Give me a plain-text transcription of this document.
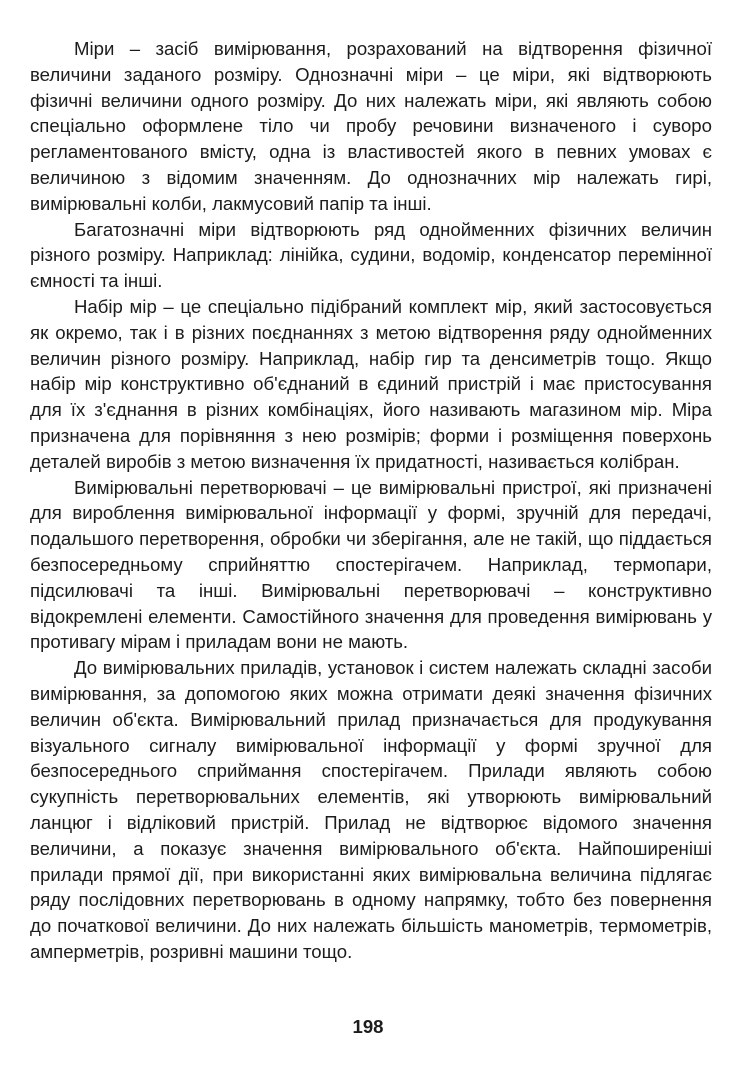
Міри – засіб вимірювання, розрахований на відтворення фізичної величини заданого розміру. Однозначні міри – це міри, які відтворюють фізичні величини одного розміру. До них належать міри, які являють собою спеціально оформлене тіло чи пробу речовини визначеного і суворо регламентованого вмісту, одна із властивостей якого в певних умовах є величиною з відомим значенням. До однозначних мір належать гирі, вимірювальні колби, лакмусовий папір та інші.

Багатозначні міри відтворюють ряд однойменних фізичних величин різного розміру. Наприклад: лінійка, судини, водомір, конденсатор перемінної ємності та інші.

Набір мір – це спеціально підібраний комплект мір, який застосовується як окремо, так і в різних поєднаннях з метою відтворення ряду однойменних величин різного розміру. Наприклад, набір гир та денсиметрів тощо. Якщо набір мір конструктивно об'єднаний в єдиний пристрій і має пристосування для їх з'єднання в різних комбінаціях, його називають магазином мір. Міра призначена для порівняння з нею розмірів; форми і розміщення поверхонь деталей виробів з метою визначення їх придатності, називається колібран.

Вимірювальні перетворювачі – це вимірювальні пристрої, які призначені для вироблення вимірювальної інформації у формі, зручній для передачі, подальшого перетворення, обробки чи зберігання, але не такій, що піддається безпосередньому сприйняттю спостерігачем. Наприклад, термопари, підсилювачі та інші. Вимірювальні перетворювачі – конструктивно відокремлені елементи. Самостійного значення для проведення вимірювань у противагу мірам і приладам вони не мають.

До вимірювальних приладів, установок і систем належать складні засоби вимірювання, за допомогою яких можна отримати деякі значення фізичних величин об'єкта. Вимірювальний прилад призначається для продукування візуального сигналу вимірювальної інформації у формі зручної для безпосереднього сприймання спостерігачем. Прилади являють собою сукупність перетворювальних елементів, які утворюють вимірювальний ланцюг і відліковий пристрій. Прилад не відтворює відомого значення величини, а показує значення вимірювального об'єкта. Найпоширеніші прилади прямої дії, при використанні яких вимірювальна величина підлягає ряду послідовних перетворювань в одному напрямку, тобто без повернення до початкової величини. До них належать більшість манометрів, термометрів, амперметрів, розривні машини тощо.

198
